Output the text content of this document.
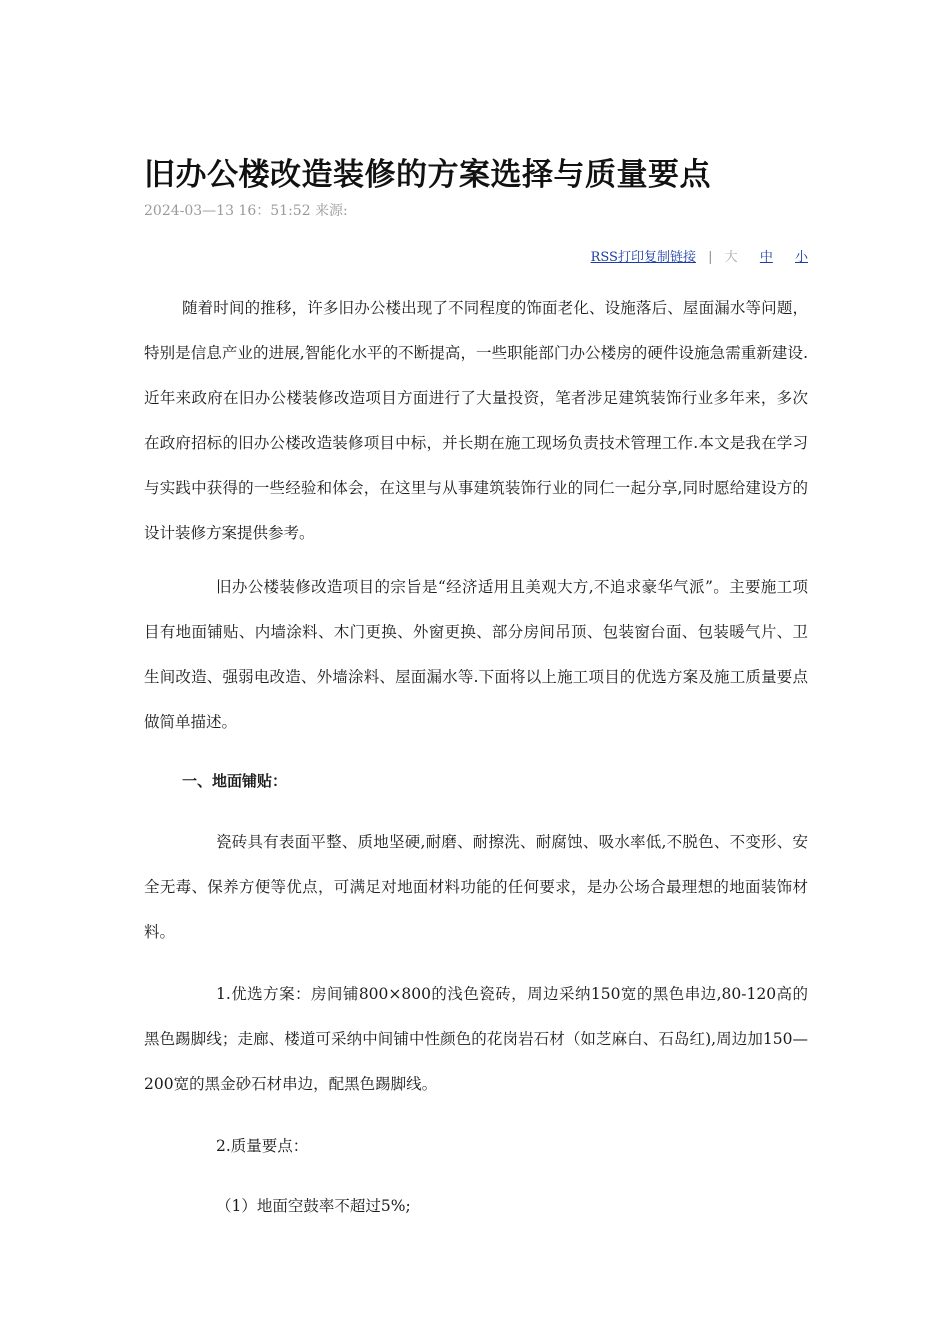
旧办公楼改造装修的方案选择与质量要点
2024-03—13 16：51:52 来源:
RSS打印复制链接 | 大 中 小

随着时间的推移，许多旧办公楼出现了不同程度的饰面老化、设施落后、屋面漏水等问题，特别是信息产业的进展,智能化水平的不断提高，一些职能部门办公楼房的硬件设施急需重新建设.近年来政府在旧办公楼装修改造项目方面进行了大量投资，笔者涉足建筑装饰行业多年来，多次在政府招标的旧办公楼改造装修项目中标，并长期在施工现场负责技术管理工作.本文是我在学习与实践中获得的一些经验和体会，在这里与从事建筑装饰行业的同仁一起分享,同时愿给建设方的设计装修方案提供参考。

旧办公楼装修改造项目的宗旨是“经济适用且美观大方,不追求豪华气派”。主要施工项目有地面铺贴、内墙涂料、木门更换、外窗更换、部分房间吊顶、包装窗台面、包装暖气片、卫生间改造、强弱电改造、外墙涂料、屋面漏水等.下面将以上施工项目的优选方案及施工质量要点做简单描述。

一、地面铺贴：

瓷砖具有表面平整、质地坚硬,耐磨、耐擦洗、耐腐蚀、吸水率低,不脱色、不变形、安全无毒、保养方便等优点，可满足对地面材料功能的任何要求，是办公场合最理想的地面装饰材料。

1.优选方案：房间铺800×800的浅色瓷砖，周边采纳150宽的黑色串边,80-120高的黑色踢脚线；走廊、楼道可采纳中间铺中性颜色的花岗岩石材（如芝麻白、石岛红),周边加150—200宽的黑金砂石材串边，配黑色踢脚线。

2.质量要点：

（1）地面空鼓率不超过5%;
